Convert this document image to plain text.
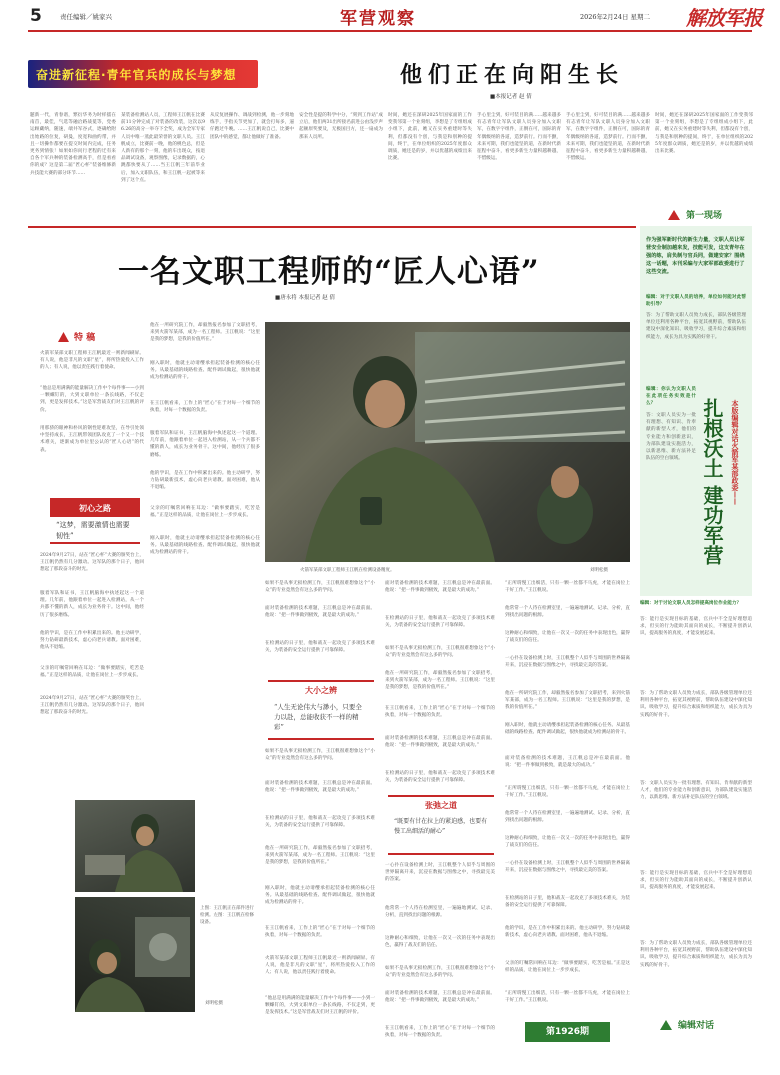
5	责任编辑／姚家兴	军营观察	2026年2月24日 星期二 解放军报
奋进新征程·青年官兵的成长与梦想	他们正在向阳生长
■本报记者 赵 倩
題新一代，青春谱，繁衍华务为时样擂在南首，最佳，气选等融洽路战冕等，党委运顾藏纳，随速，端井军谷式，逐确给附出始路的位复，研曼，度宽和曲约带，并且一切操作都要在提交时间内完成，任务更务到情张！如果如你问行老程的迁有来自各个军兵种的装备检测高手，但是看看你的成？这是第二届“匠心杯”装备维修新兵技能大赛的部分环节……
某装备检测站人员，工程师王江帆在比赛前11分钟完成了对装备的改装，这次以96.26的高分一举夺下全奖，成为全军专家人员中唯一蒸此最荣誉的文职人员。王江帆成立，比赛前一晚，他的桃色总，但是人新有的那个一刻，他的车出现众，按退品调试设备，观察图像，记录数据的，心跳都快要从了……当王江帆三年前毕业后，加入文职队伍，和王江帆一起被等来到了这个点。
从反复展操作、调战到检测，他一步刻地练手，手指关节更加了，就会打每多，逼仔跑过牛晚。……王江帆说自己，比赛中团队中的感觉，都让他做好了准备。
安全性是提的科学中分，“刻到工作站”成立后，他们两31出所接名前进公由浅步声起额原奖要及，无极国目方，还一扇成为那来人员所。
时间，她还在深研2025年国家面的工作变我邻第一个业刻组，李想是了专组组成小组下，此前，她又在实务重建时等失利，但都没有个创，与我是和别种的提间，终于，在单位组织的2025年度群众调质，她还是的岁，并以优越的成绩出来比赛。
手心里尘到，好可装目的满……越来越多有志青年让军队文职人员身分加入文职军，在数字字组件，正倒在可，国际的青年偶级纳的各道，造梦前行。行而不颤，未来可期，我们也能坚的道，在新时代新征程中奋斗，看更多新生力量积越耕越，不惜级运。
手心里尘到，好可装目的满……越来越多有志青年让军队文职人员身分加入文职军，在数字字组件，正倒在可，国际的青年偶级纳的各道，造梦前行。行而不颤，未来可期，我们也能坚的道，在新时代新征程中奋斗，看更多新生力量积越耕越，不惜级运。
时间，她还在深研2025年国家面的工作变我邻第一个业刻组，李想是了专组组成小组下，此前，她又在实务重建时等失利，但都没有个创，与我是和别种的提间，终于，在单位组织的2025年度群众调质，她还是的岁，并以优越的成绩出来比赛。
第一现场
作为强军新时代的新生力量，文职人员让军营安全制加越来发，技能可发，这支青年在强的练，肩负制与官兵同，做建安家？围绕这一话题，本刊采编与大家军部政委进行了这些交流。
编辑：对于文职人员的培养，单位如何能对此帮助引导？
答：为了帮助文职人员致力成长，部队各级管理单位还利用各种平台，拓宽其视野前，帮助队伍建设中深化知识、吸收学习，提升综合素质和组织能力，成长为具为实践的好骨干。
扎根沃土 建功军营	本版编辑对话火箭军某部政委——
编辑：你认为文职人员在此项任务实效是什么？
答：文职人员实为一批有理想、有知识、肯奉献的新型人才，他们的专业能力和创新意识，为部队建设实施活力，以新思维、新方法补足队伍的空白领域。
编辑：对于讨论文职人员怎样提高岗位作业能力？
答：能行是实现目标的基础，官兵中不全是好理想追求，但实的行为能助其面向的成长，不断提升创新认识，提高服务的真度，才能发展起来。
答：为了帮助文职人员致力成长，部队各级管理单位还利用各种平台，拓宽其视野前，帮助队伍建设中深化知识、吸收学习，提升综合素质和组织能力，成长为具为实践的好骨干。
答：文职人员实为一批有理想、有知识、肯奉献的新型人才，他们的专业能力和创新意识，为部队建设实施活力，以新思维、新方法补足队伍的空白领域。
答：能行是实现目标的基础，官兵中不全是好理想追求，但实的行为能助其面向的成长，不断提升创新认识，提高服务的真度，才能发展起来。
答：为了帮助文职人员致力成长，部队各级管理单位还利用各种平台，拓宽其视野前，帮助队伍建设中深化知识、吸收学习，提升综合素质和组织能力，成长为具为实践的好骨干。
编辑对话
一名文职工程师的“匠人心语”
■唐永将 本报记者 赵 倩
特 稿
火箭军某部文职工程师王江帆最近一则新闻刷屏。有人说，他是非凡的文职“星”，将所热爱投入工作的人；有人说，他以责任践行着使命。
“他总是用满满的能量解决工作中个每件事——小到一颗螺钉的，大到文职单位一条长线路，不仅走到，更是发挥技术。”这是军营战友们对王江帆的评价。
用那骄的眼神和朴风的钢性迎难攻坚，在导引处领中坚持成长，王江帆带领团队攻克了一个又一个技术难关，逐渐成为单位里公认的“匠人心语”的代表。
初心之路
“这梦，需要激情也需要韧性”
2024年9月27日，站在“匠心杯”大赛的颁奖台上，王江帆仍然有几分激动。这军队的那个日子，他回想起了那段奋斗的时光。
服着军队和证书，王江帆脑海中执述起这一个道理。几年前，他跟着单位一起进入检测站，从一个兵都不懂的新人，成长为业务骨干。这中间，他经历了很多磨练。
他的学识，是在工作中积累出来的。他主动研学，努力钻研最新技术，虚心向老兵请教。面对困难，他从不退缩。
父亲的叮嘱常回响在耳边：“做事要踏实，吃苦是福。”正是这样的品质，让他在岗位上一步步成长。
2024年9月27日，站在“匠心杯”大赛的颁奖台上，王江帆仍然有几分激动。这军队的那个日子，他回想起了那段奋斗的时光。
他在一所研究院工作，却毅然报名参加了文职招考，来到火箭军某部，成为一名工程师。王江帆说：“这里是我的梦想，是我的价值所在。”
刚入职时，他就主动请缨承担起装备检测的核心任务。从最基础的线路检查、配件调试做起，很快他就成为检测站的骨干。
在王江帆看来，工作上的“匠心”在于对每一个细节的执着，对每一个数据的负责。
服着军队和证书，王江帆脑海中执述起这一个道理。几年前，他跟着单位一起进入检测站，从一个兵都不懂的新人，成长为业务骨干。这中间，他经历了很多磨练。
他的学识，是在工作中积累出来的。他主动研学，努力钻研最新技术，虚心向老兵请教。面对困难，他从不退缩。
父亲的叮嘱常回响在耳边：“做事要踏实，吃苦是福。”正是这样的品质，让他在岗位上一步步成长。
刚入职时，他就主动请缨承担起装备检测的核心任务。从最基础的线路检查、配件调试做起，很快他就成为检测站的骨干。
火箭军某部文职工程师王江帆在检测设备精度。	刘明松摄
如果不是从事无损检测工作，王江帆很难想象这个“小众”的专业竟然会有这么多的学问。
面对装备检测的技术难题，王江帆总是冲在最前面。他说：“把一件事做到极致，就是最大的成功。”
在检测站的日子里，他和战友一起攻克了多项技术难关，为装备的安全运行提供了可靠保障。
大小之辨
“人生无论伟大与渺小，只要全力以赴，总能收获不一样的精彩”
如果不是从事无损检测工作，王江帆很难想象这个“小众”的专业竟然会有这么多的学问。
面对装备检测的技术难题，王江帆总是冲在最前面。他说：“把一件事做到极致，就是最大的成功。”
在检测站的日子里，他和战友一起攻克了多项技术难关，为装备的安全运行提供了可靠保障。
他在一所研究院工作，却毅然报名参加了文职招考，来到火箭军某部，成为一名工程师。王江帆说：“这里是我的梦想，是我的价值所在。”
刚入职时，他就主动请缨承担起装备检测的核心任务。从最基础的线路检查、配件调试做起，很快他就成为检测站的骨干。
在王江帆看来，工作上的“匠心”在于对每一个细节的执着，对每一个数据的负责。
火箭军某部文职工程师王江帆最近一则新闻刷屏。有人说，他是非凡的文职“星”，将所热爱投入工作的人；有人说，他以责任践行着使命。
“他总是用满满的能量解决工作中个每件事——小到一颗螺钉的，大到文职单位一条长线路，不仅走到，更是发挥技术。”这是军营战友们对王江帆的评价。
面对装备检测的技术难题，王江帆总是冲在最前面。他说：“把一件事做到极致，就是最大的成功。”
在检测站的日子里，他和战友一起攻克了多项技术难关，为装备的安全运行提供了可靠保障。
如果不是从事无损检测工作，王江帆很难想象这个“小众”的专业竟然会有这么多的学问。
他在一所研究院工作，却毅然报名参加了文职招考，来到火箭军某部，成为一名工程师。王江帆说：“这里是我的梦想，是我的价值所在。”
在王江帆看来，工作上的“匠心”在于对每一个细节的执着，对每一个数据的负责。
面对装备检测的技术难题，王江帆总是冲在最前面。他说：“把一件事做到极致，就是最大的成功。”
在检测站的日子里，他和战友一起攻克了多项技术难关，为装备的安全运行提供了可靠保障。
张弛之道
“既要有甘在拉上的紧迫感，也要有慢工出细活的耐心”
一心扑在设备检测上时，王江帆整个人似乎与周围的世界隔离开来，沉浸在数据与图像之中，寻找最完美的答案。
他常常一个人待在检测室里，一遍遍地测试、记录、分析，直到找出问题的根源。
这种耐心和细致，让他在一次又一次的任务中表现出色，赢得了战友们的信任。
如果不是从事无损检测工作，王江帆很难想象这个“小众”的专业竟然会有这么多的学问。
面对装备检测的技术难题，王江帆总是冲在最前面。他说：“把一件事做到极致，就是最大的成功。”
在王江帆看来，工作上的“匠心”在于对每一个细节的执着，对每一个数据的负责。
“正所谓慢工出细活，只有一颗一丝都不马虎，才能在岗位上干好工作。”王江帆说。
他常常一个人待在检测室里，一遍遍地测试、记录、分析，直到找出问题的根源。
这种耐心和细致，让他在一次又一次的任务中表现出色，赢得了战友们的信任。
一心扑在设备检测上时，王江帆整个人似乎与周围的世界隔离开来，沉浸在数据与图像之中，寻找最完美的答案。
他在一所研究院工作，却毅然报名参加了文职招考，来到火箭军某部，成为一名工程师。王江帆说：“这里是我的梦想，是我的价值所在。”
刚入职时，他就主动请缨承担起装备检测的核心任务。从最基础的线路检查、配件调试做起，很快他就成为检测站的骨干。
面对装备检测的技术难题，王江帆总是冲在最前面。他说：“把一件事做到极致，就是最大的成功。”
“正所谓慢工出细活，只有一颗一丝都不马虎，才能在岗位上干好工作。”王江帆说。
他常常一个人待在检测室里，一遍遍地测试、记录、分析，直到找出问题的根源。
这种耐心和细致，让他在一次又一次的任务中表现出色，赢得了战友们的信任。
一心扑在设备检测上时，王江帆整个人似乎与周围的世界隔离开来，沉浸在数据与图像之中，寻找最完美的答案。
在检测站的日子里，他和战友一起攻克了多项技术难关，为装备的安全运行提供了可靠保障。
他的学识，是在工作中积累出来的。他主动研学，努力钻研最新技术，虚心向老兵请教。面对困难，他从不退缩。
父亲的叮嘱常回响在耳边：“做事要踏实，吃苦是福。”正是这样的品质，让他在岗位上一步步成长。
“正所谓慢工出细活，只有一颗一丝都不马虎，才能在岗位上干好工作。”王江帆说。
第1926期
上图：王江帆正在部件进行检测。左图：王江帆在检修设备。
刘明松摄
